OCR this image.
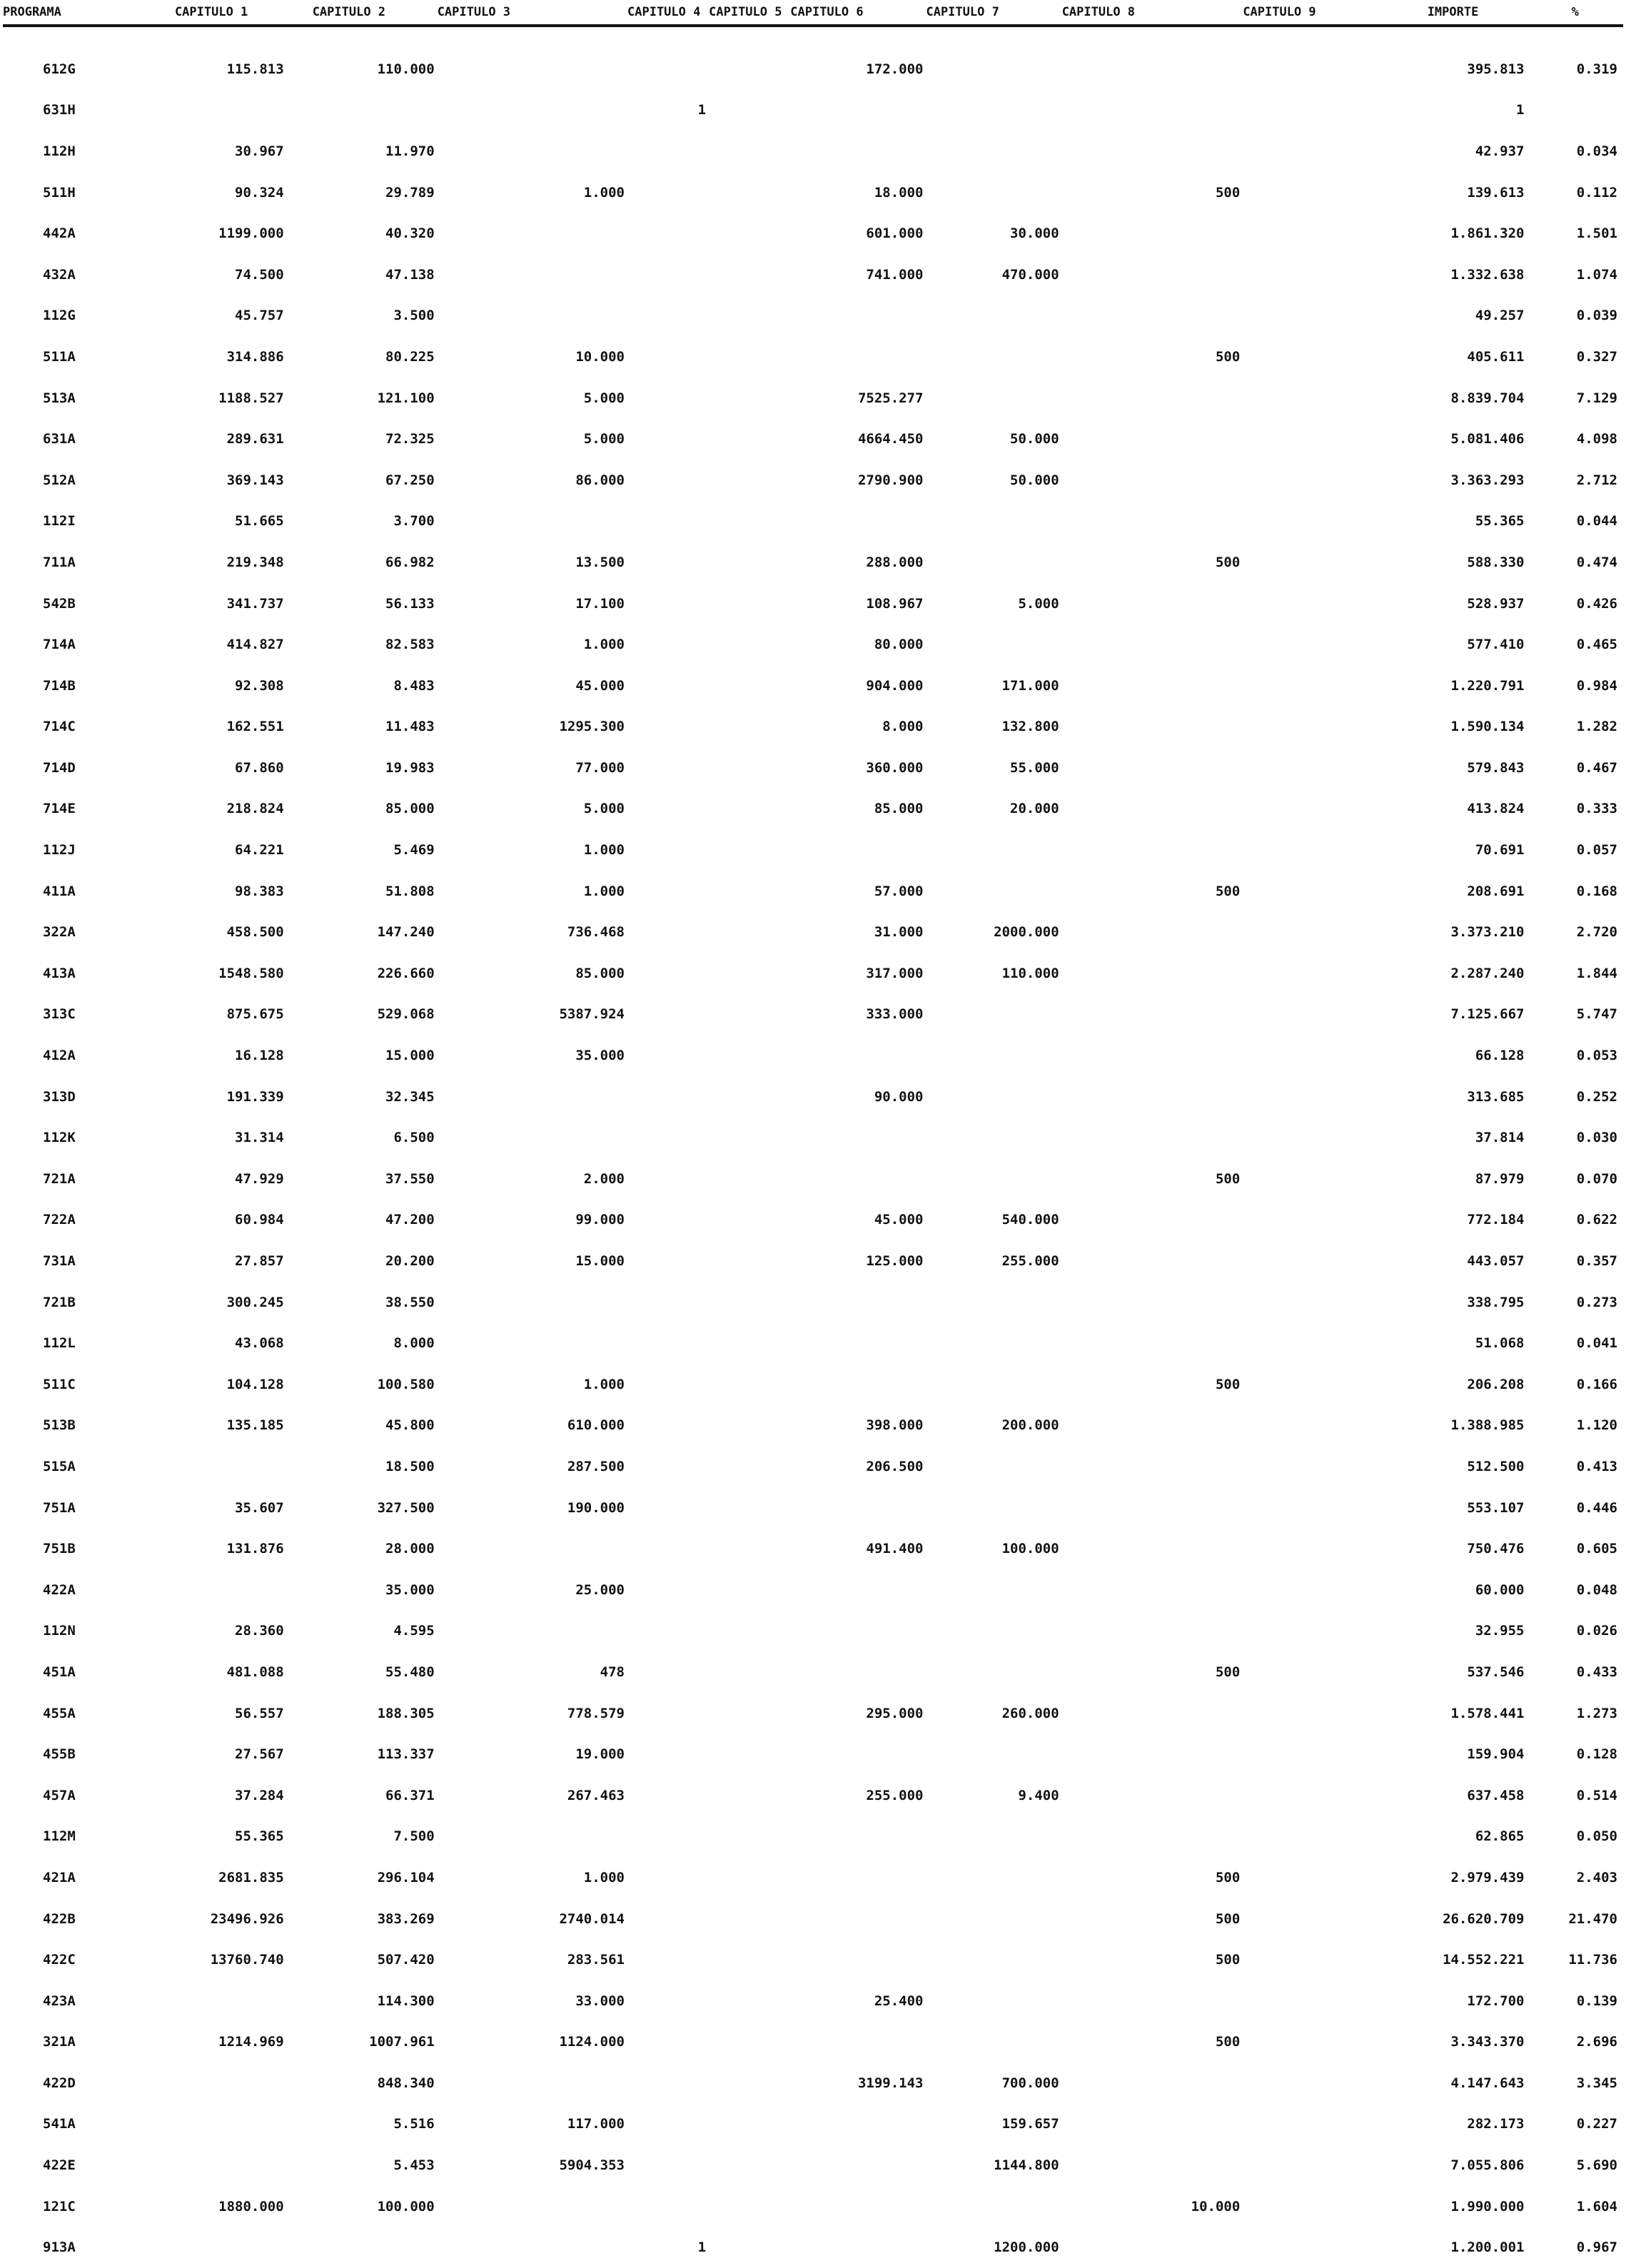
PROGRAMA	CAPITULO 1	CAPITULO 2	CAPITULO 3	CAPITULO 4	CAPITULO 5	CAPITULO 6	CAPITULO 7	CAPITULO 8	CAPITULO 9	IMPORTE	%

612G	115.813	110.000				172.000				395.813	0.319
631H				1						1	
112H	30.967	11.970								42.937	0.034
511H	90.324	29.789	1.000			18.000		500		139.613	0.112
442A	1199.000	40.320				601.000	30.000			1.861.320	1.501
432A	74.500	47.138				741.000	470.000			1.332.638	1.074
112G	45.757	3.500								49.257	0.039
511A	314.886	80.225	10.000					500		405.611	0.327
513A	1188.527	121.100	5.000			7525.277				8.839.704	7.129
631A	289.631	72.325	5.000			4664.450	50.000			5.081.406	4.098
512A	369.143	67.250	86.000			2790.900	50.000			3.363.293	2.712
112I	51.665	3.700								55.365	0.044
711A	219.348	66.982	13.500			288.000		500		588.330	0.474
542B	341.737	56.133	17.100			108.967	5.000			528.937	0.426
714A	414.827	82.583	1.000			80.000				577.410	0.465
714B	92.308	8.483	45.000			904.000	171.000			1.220.791	0.984
714C	162.551	11.483	1295.300			8.000	132.800			1.590.134	1.282
714D	67.860	19.983	77.000			360.000	55.000			579.843	0.467
714E	218.824	85.000	5.000			85.000	20.000			413.824	0.333
112J	64.221	5.469	1.000							70.691	0.057
411A	98.383	51.808	1.000			57.000		500		208.691	0.168
322A	458.500	147.240	736.468			31.000	2000.000			3.373.210	2.720
413A	1548.580	226.660	85.000			317.000	110.000			2.287.240	1.844
313C	875.675	529.068	5387.924			333.000				7.125.667	5.747
412A	16.128	15.000	35.000							66.128	0.053
313D	191.339	32.345				90.000				313.685	0.252
112K	31.314	6.500								37.814	0.030
721A	47.929	37.550	2.000					500		87.979	0.070
722A	60.984	47.200	99.000			45.000	540.000			772.184	0.622
731A	27.857	20.200	15.000			125.000	255.000			443.057	0.357
721B	300.245	38.550								338.795	0.273
112L	43.068	8.000								51.068	0.041
511C	104.128	100.580	1.000					500		206.208	0.166
513B	135.185	45.800	610.000			398.000	200.000			1.388.985	1.120
515A		18.500	287.500			206.500				512.500	0.413
751A	35.607	327.500	190.000							553.107	0.446
751B	131.876	28.000				491.400	100.000			750.476	0.605
422A		35.000	25.000							60.000	0.048
112N	28.360	4.595								32.955	0.026
451A	481.088	55.480	478					500		537.546	0.433
455A	56.557	188.305	778.579			295.000	260.000			1.578.441	1.273
455B	27.567	113.337	19.000							159.904	0.128
457A	37.284	66.371	267.463			255.000	9.400			637.458	0.514
112M	55.365	7.500								62.865	0.050
421A	2681.835	296.104	1.000					500		2.979.439	2.403
422B	23496.926	383.269	2740.014					500		26.620.709	21.470
422C	13760.740	507.420	283.561					500		14.552.221	11.736
423A		114.300	33.000			25.400				172.700	0.139
321A	1214.969	1007.961	1124.000					500		3.343.370	2.696
422D		848.340				3199.143	700.000			4.147.643	3.345
541A		5.516	117.000				159.657			282.173	0.227
422E		5.453	5904.353				1144.800			7.055.806	5.690
121C	1880.000	100.000						10.000		1.990.000	1.604
913A				1			1200.000			1.200.001	0.967
